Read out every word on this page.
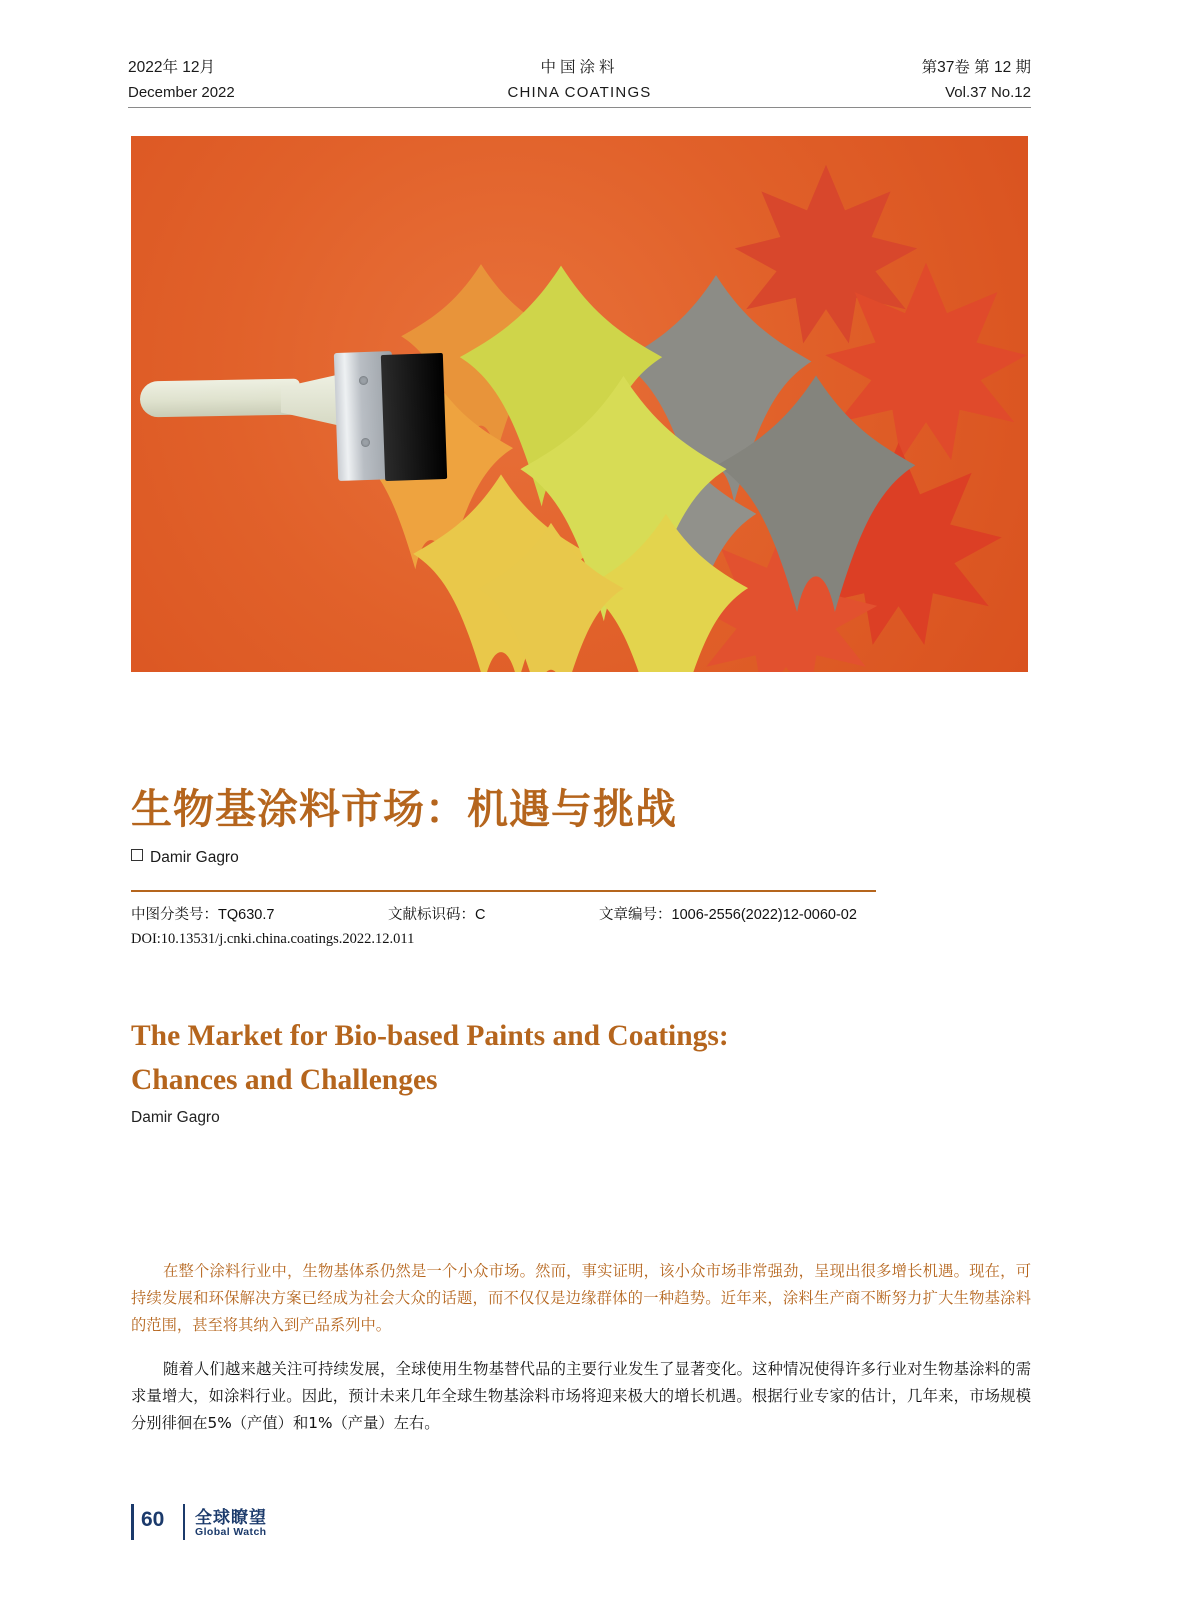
2022年 12月
December 2022
中国涂料
CHINA COATINGS
第37卷 第 12 期
Vol.37 No.12
生物基涂料市场：机遇与挑战
Damir Gagro
中图分类号：TQ630.7	文献标识码：C	文章编号：1006-2556(2022)12-0060-02
DOI:10.13531/j.cnki.china.coatings.2022.12.011
The Market for Bio-based Paints and Coatings:
Chances and Challenges
Damir Gagro
在整个涂料行业中，生物基体系仍然是一个小众市场。然而，事实证明，该小众市场非常强劲，呈现出很多增长机遇。现在，可持续发展和环保解决方案已经成为社会大众的话题，而不仅仅是边缘群体的一种趋势。近年来，涂料生产商不断努力扩大生物基涂料的范围，甚至将其纳入到产品系列中。
随着人们越来越关注可持续发展，全球使用生物基替代品的主要行业发生了显著变化。这种情况使得许多行业对生物基涂料的需求量增大，如涂料行业。因此，预计未来几年全球生物基涂料市场将迎来极大的增长机遇。根据行业专家的估计，几年来，市场规模分别徘徊在5%（产值）和1%（产量）左右。
60 全球瞭望
Global Watch
